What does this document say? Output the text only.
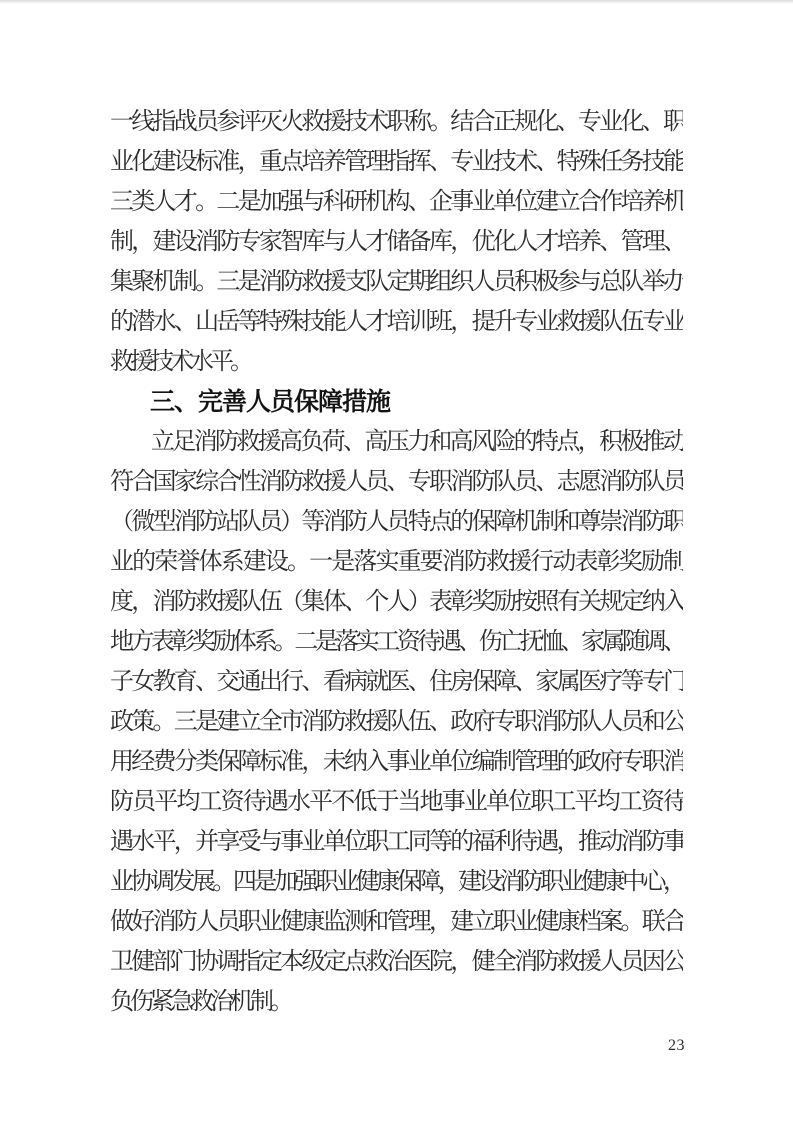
一线指战员参评灭火救援技术职称。结合正规化、专业化、职
业化建设标准，重点培养管理指挥、专业技术、特殊任务技能
三类人才。二是加强与科研机构、企事业单位建立合作培养机
制，建设消防专家智库与人才储备库，优化人才培养、管理、
集聚机制。三是消防救援支队定期组织人员积极参与总队举办
的潜水、山岳等特殊技能人才培训班，提升专业救援队伍专业
救援技术水平。
三、完善人员保障措施
立足消防救援高负荷、高压力和高风险的特点，积极推动
符合国家综合性消防救援人员、专职消防队员、志愿消防队员
（微型消防站队员）等消防人员特点的保障机制和尊崇消防职
业的荣誉体系建设。一是落实重要消防救援行动表彰奖励制
度，消防救援队伍（集体、个人）表彰奖励按照有关规定纳入
地方表彰奖励体系。二是落实工资待遇、伤亡抚恤、家属随调、
子女教育、交通出行、看病就医、住房保障、家属医疗等专门
政策。三是建立全市消防救援队伍、政府专职消防队人员和公
用经费分类保障标准，未纳入事业单位编制管理的政府专职消
防员平均工资待遇水平不低于当地事业单位职工平均工资待
遇水平，并享受与事业单位职工同等的福利待遇，推动消防事
业协调发展。四是加强职业健康保障，建设消防职业健康中心，
做好消防人员职业健康监测和管理，建立职业健康档案。联合
卫健部门协调指定本级定点救治医院，健全消防救援人员因公
负伤紧急救治机制。
23
